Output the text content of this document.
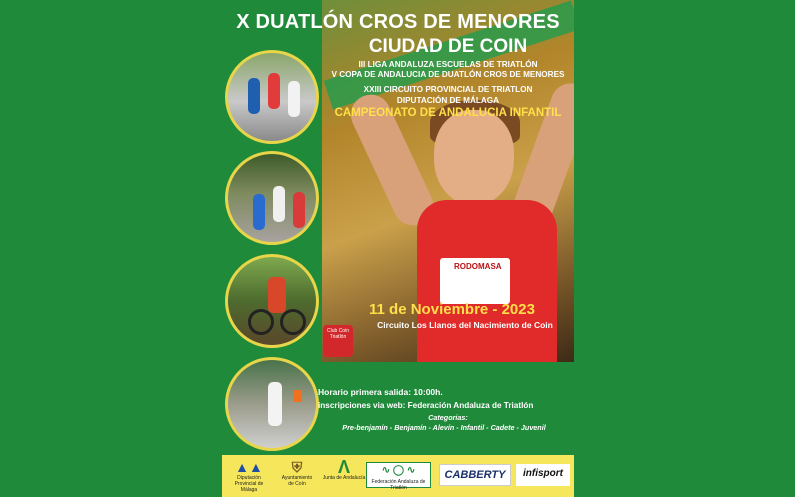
RODOMASA
X DUATLÓN CROS DE MENORES
CIUDAD DE COIN
III LIGA ANDALUZA ESCUELAS DE TRIATLÓN
V COPA DE ANDALUCIA DE DUATLÓN CROS DE MENORES
XXIII CIRCUITO PROVINCIAL DE TRIATLON
DIPUTACIÓN DE MÁLAGA
CAMPEONATO DE ANDALUCIA INFANTIL
11 de Noviembre - 2023
Circuito Los Llanos del Nacimiento de Coin
Club Coin Triatlón
Horario primera salida: 10:00h.
inscripciones via web: Federación Andaluza de Triatlón
Categorias:
Pre-benjamín - Benjamín - Alevín - Infantil - Cadete - Juvenil
▲▲
Diputación Provincial de Málaga
⛨
Ayuntamiento de Coín
Λ
Junta de Andalucía
∿ ◯ ∿
Federación Andaluza de Triatlón
CABBERTY	infisport
